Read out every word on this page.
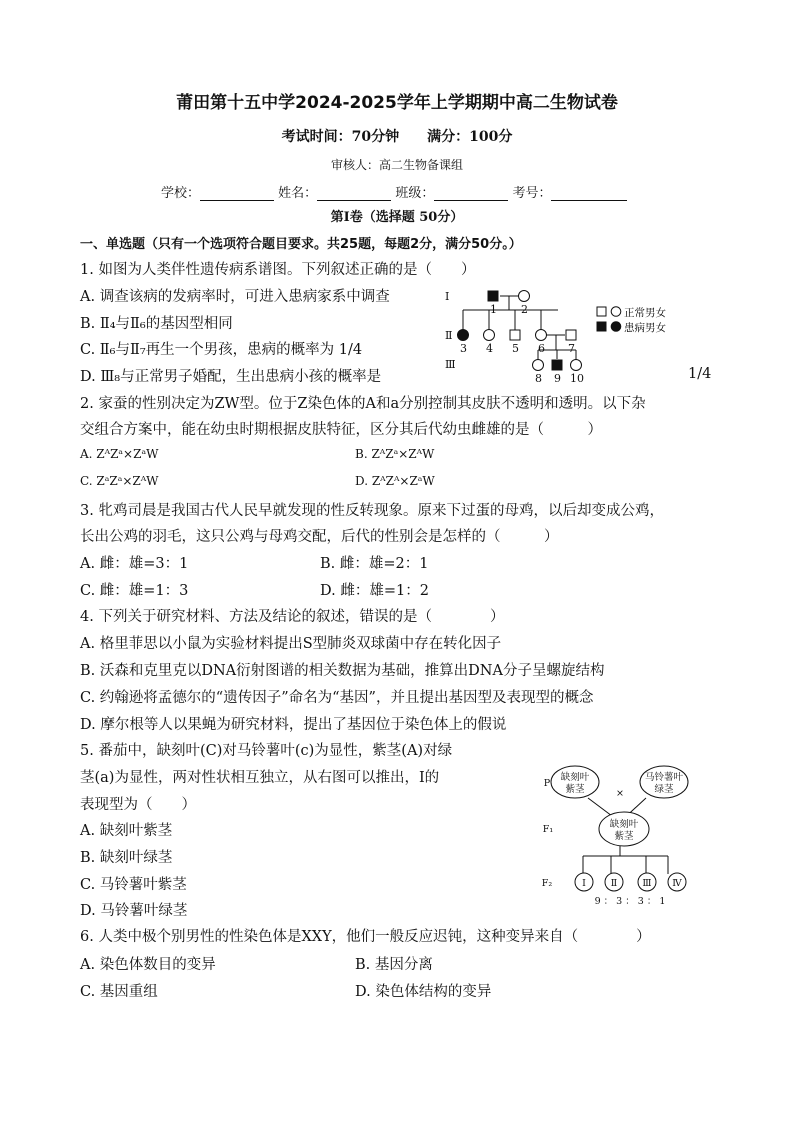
莆田第十五中学2024-2025学年上学期期中高二生物试卷
考试时间：70分钟　　满分：100分
审核人：高二生物备课组
学校：	姓名：	班级：	考号：
第Ⅰ卷（选择题 50分）
一、单选题（只有一个选项符合题目要求。共25题，每题2分，满分50分。）
1. 如图为人类伴性遗传病系谱图。下列叙述正确的是（　　）
A. 调查该病的发病率时，可进入患病家系中调查
B. Ⅱ₄与Ⅱ₆的基因型相同
C. Ⅱ₆与Ⅱ₇再生一个男孩，患病的概率为 1/4
D. Ⅲ₈与正常男子婚配，生出患病小孩的概率是	1/4
Ⅰ
Ⅱ
Ⅲ
1 2
3 4 5 6 7
8 9 10
正常男女
患病男女
2. 家蚕的性别决定为ZW型。位于Z染色体的A和a分别控制其皮肤不透明和透明。以下杂
交组合方案中，能在幼虫时期根据皮肤特征，区分其后代幼虫雌雄的是（　　　）
A. ZᴬZᵃ×ZᵃW	B. ZᴬZᵃ×ZᴬW
C. ZᵃZᵃ×ZᴬW	D. ZᴬZᴬ×ZᵃW
3. 牝鸡司晨是我国古代人民早就发现的性反转现象。原来下过蛋的母鸡，以后却变成公鸡，
长出公鸡的羽毛，这只公鸡与母鸡交配，后代的性别会是怎样的（　　　）
A. 雌：雄=3：1	B. 雌：雄=2：1
C. 雌：雄=1：3	D. 雌：雄=1：2
4. 下列关于研究材料、方法及结论的叙述，错误的是（　　　　）
A. 格里菲思以小鼠为实验材料提出S型肺炎双球菌中存在转化因子
B. 沃森和克里克以DNA衍射图谱的相关数据为基础，推算出DNA分子呈螺旋结构
C. 约翰逊将孟德尔的“遗传因子”命名为“基因”，并且提出基因型及表现型的概念
D. 摩尔根等人以果蝇为研究材料，提出了基因位于染色体上的假说
5. 番茄中，缺刻叶(C)对马铃薯叶(c)为显性，紫茎(A)对绿
茎(a)为显性，两对性状相互独立，从右图可以推出，Ⅰ的
表现型为（　　）
A. 缺刻叶紫茎
B. 缺刻叶绿茎
C. 马铃薯叶紫茎
D. 马铃薯叶绿茎
P
F₁
F₂
缺刻叶
紫茎
马铃薯叶
绿茎
×
缺刻叶
紫茎
Ⅰ	Ⅱ	Ⅲ Ⅳ
9 ： 3 ： 3 ： 1
6. 人类中极个别男性的性染色体是XXY，他们一般反应迟钝，这种变异来自（　　　　）
A. 染色体数目的变异	B. 基因分离
C. 基因重组	D. 染色体结构的变异
